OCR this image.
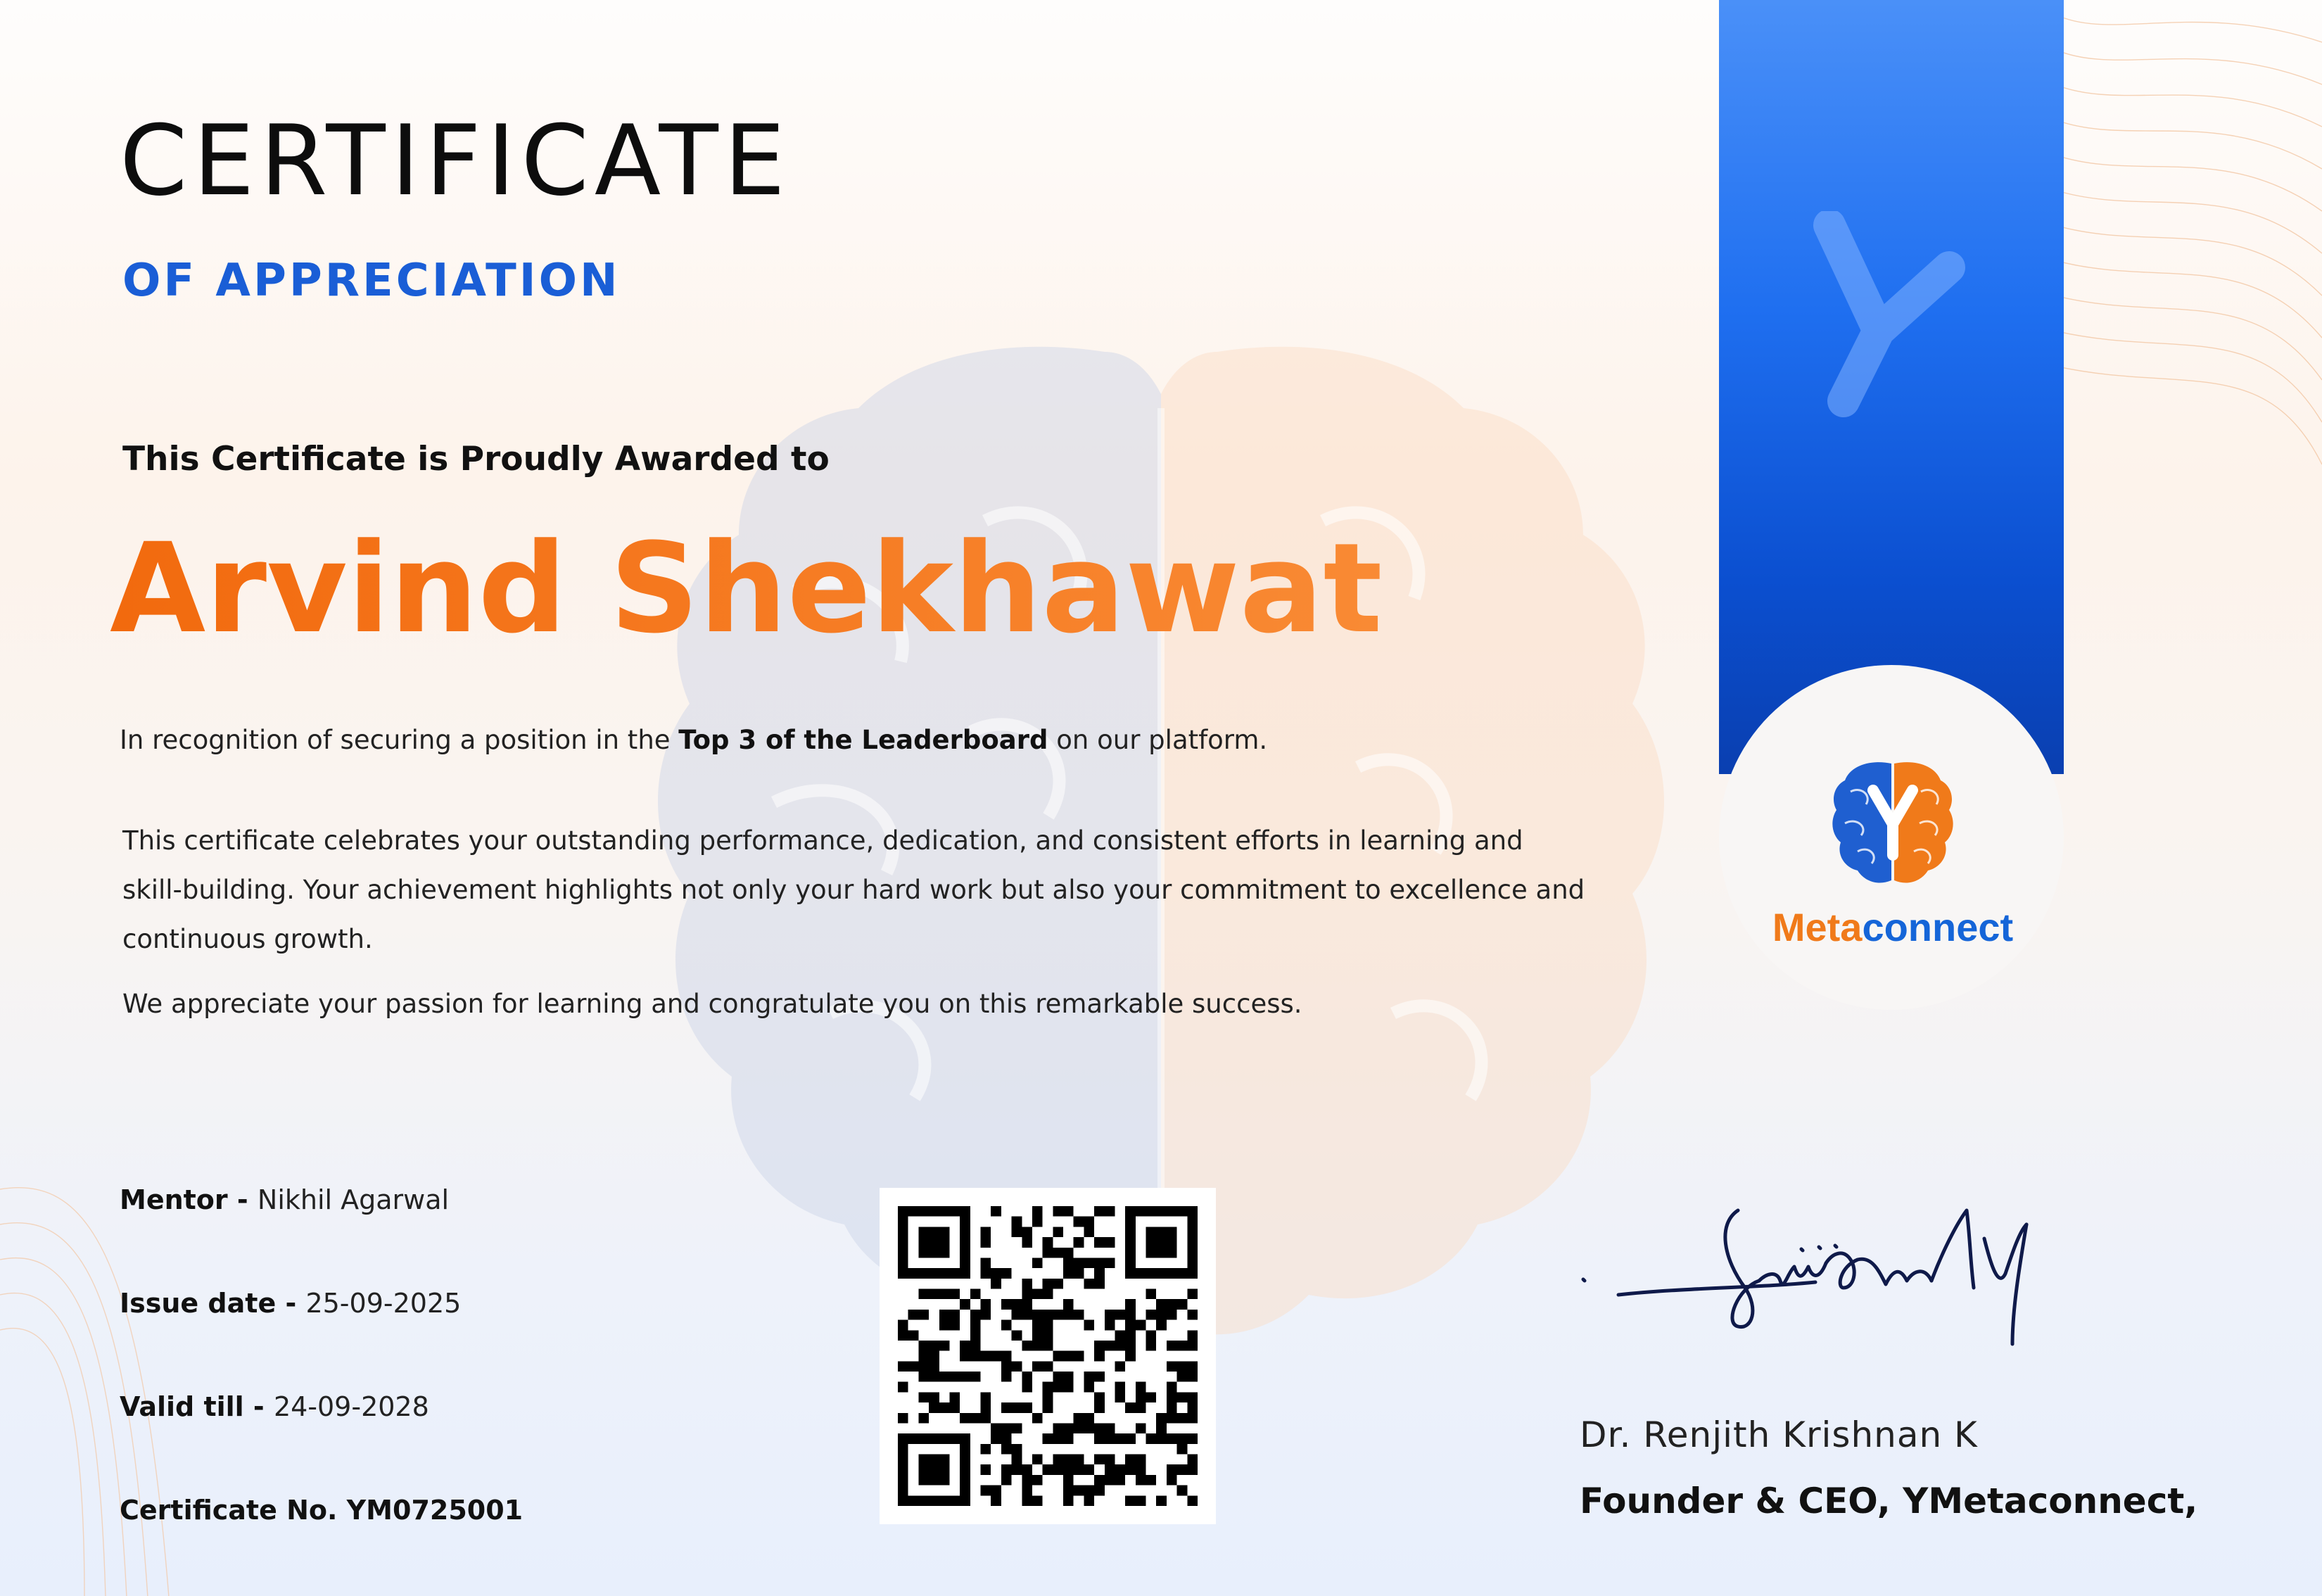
CERTIFICATE
OF APPRECIATION
This Certificate is Proudly Awarded to
Arvind Shekhawat
In recognition of securing a position in the Top 3 of the Leaderboard on our platform.

This certificate celebrates your outstanding performance, dedication, and consistent efforts in learning and skill-building. Your achievement highlights not only your hard work but also your commitment to excellence and continuous growth.

We appreciate your passion for learning and congratulate you on this remarkable success.

Mentor - Nikhil Agarwal
Issue date - 25-09-2025
Valid till - 24-09-2028
Certificate No. YM0725001
Metaconnect
Dr. Renjith Krishnan K
Founder & CEO, YMetaconnect,
